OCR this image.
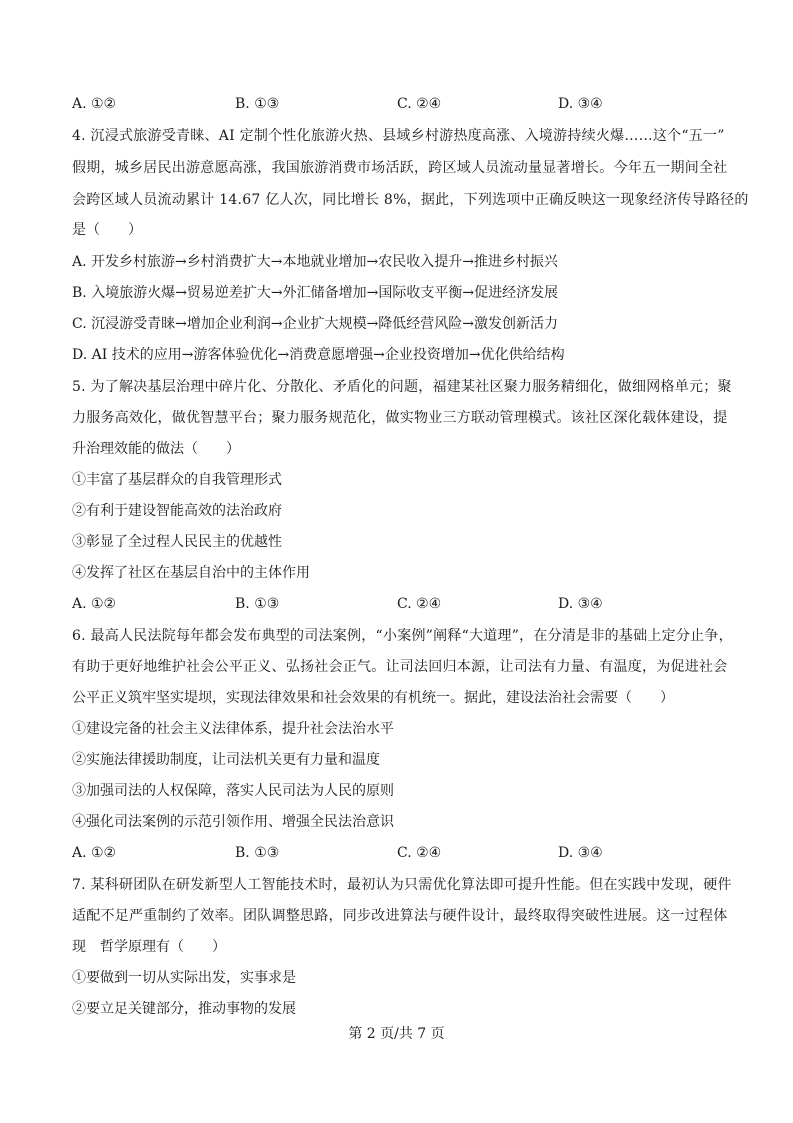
A. ①②	B. ①③	C. ②④	D. ③④
4. 沉浸式旅游受青睐、AI 定制个性化旅游火热、县域乡村游热度高涨、入境游持续火爆……这个“五一”
假期，城乡居民出游意愿高涨，我国旅游消费市场活跃，跨区域人员流动量显著增长。今年五一期间全社
会跨区域人员流动累计 14.67 亿人次，同比增长 8%，据此，下列选项中正确反映这一现象经济传导路径的
是（　　）
A. 开发乡村旅游→乡村消费扩大→本地就业增加→农民收入提升→推进乡村振兴
B. 入境旅游火爆→贸易逆差扩大→外汇储备增加→国际收支平衡→促进经济发展
C. 沉浸游受青睐→增加企业利润→企业扩大规模→降低经营风险→激发创新活力
D. AI 技术的应用→游客体验优化→消费意愿增强→企业投资增加→优化供给结构
5. 为了解决基层治理中碎片化、分散化、矛盾化的问题，福建某社区聚力服务精细化，做细网格单元；聚
力服务高效化，做优智慧平台；聚力服务规范化，做实物业三方联动管理模式。该社区深化载体建设，提
升治理效能的做法（　　）
①丰富了基层群众的自我管理形式
②有利于建设智能高效的法治政府
③彰显了全过程人民民主的优越性
④发挥了社区在基层自治中的主体作用
A. ①②	B. ①③	C. ②④	D. ③④
6. 最高人民法院每年都会发布典型的司法案例，“小案例”阐释“大道理”，在分清是非的基础上定分止争，
有助于更好地维护社会公平正义、弘扬社会正气。让司法回归本源，让司法有力量、有温度，为促进社会
公平正义筑牢坚实堤坝，实现法律效果和社会效果的有机统一。据此，建设法治社会需要（　　）
①建设完备的社会主义法律体系，提升社会法治水平
②实施法律援助制度，让司法机关更有力量和温度
③加强司法的人权保障，落实人民司法为人民的原则
④强化司法案例的示范引领作用、增强全民法治意识
A. ①②	B. ①③	C. ②④	D. ③④
7. 某科研团队在研发新型人工智能技术时，最初认为只需优化算法即可提升性能。但在实践中发现，硬件
适配不足严重制约了效率。团队调整思路，同步改进算法与硬件设计，最终取得突破性进展。这一过程体
现　哲学原理有（　　）
①要做到一切从实际出发，实事求是
②要立足关键部分，推动事物的发展
第 2 页/共 7 页
